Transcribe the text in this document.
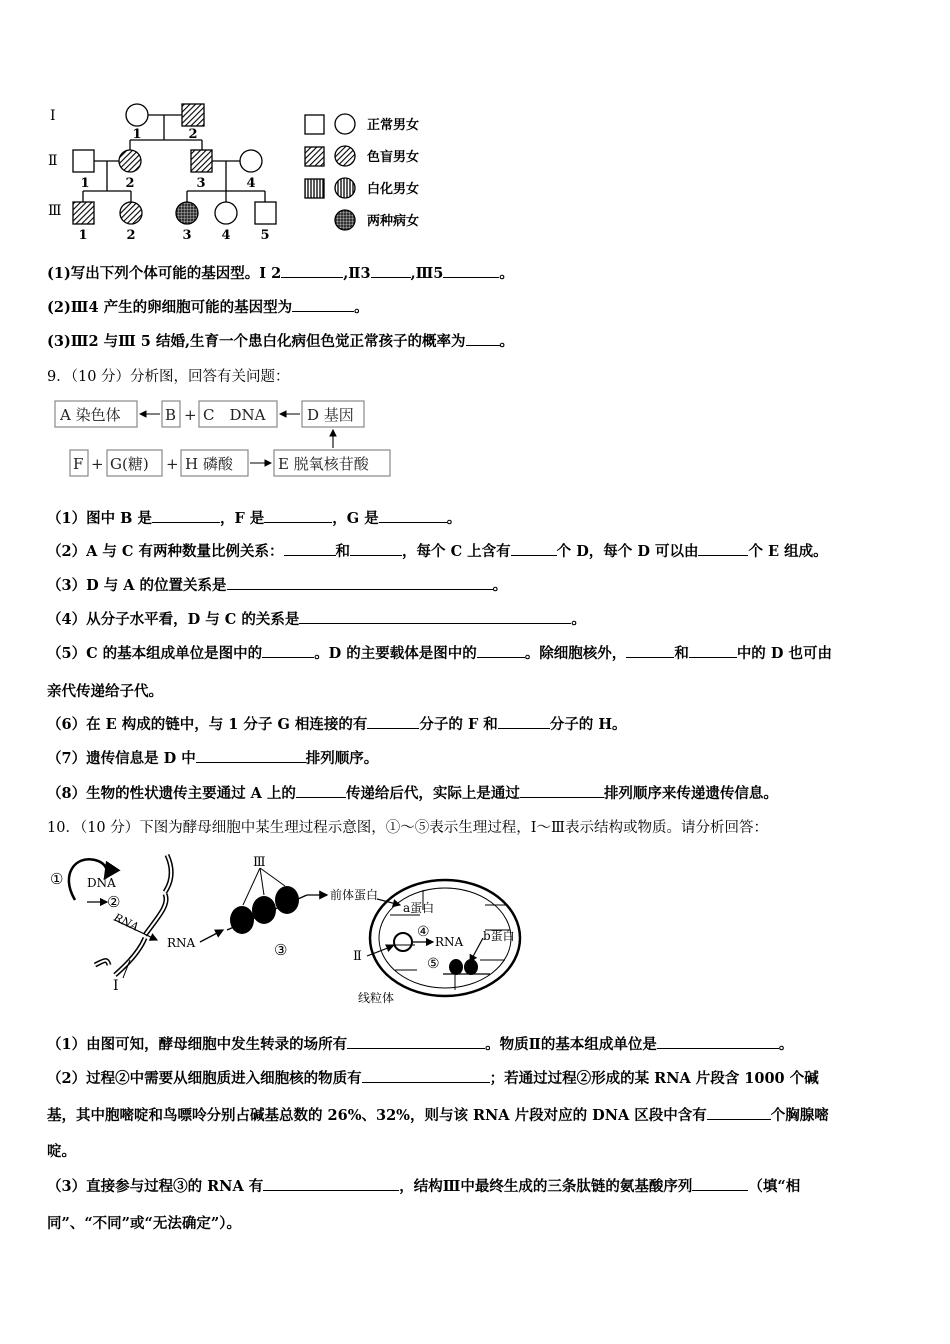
Ⅰ
Ⅱ
Ⅲ
1	2
1	2	3	4
1	2	3 4 5
正常男女
色盲男女
白化男女
两种病女
(1)写出下列个体可能的基因型。Ⅰ 2	,Ⅱ3	,Ⅲ5	。
(2)Ⅲ4 产生的卵细胞可能的基因型为	。
(3)Ⅲ2 与Ⅲ 5 结婚,生育一个患白化病但色觉正常孩子的概率为 。
9．（10 分）分析图，回答有关问题：
A 染色体	B + C　DNA	D 基因
F + G(糖) + H 磷酸	E 脱氧核苷酸
（1）图中 B 是	，F 是	，G 是	。
（2）A 与 C 有两种数量比例关系：	和	，每个 C 上含有	个 D，每个 D 可以由	个 E 组成。
（3）D 与 A 的位置关系是	。
（4）从分子水平看，D 与 C 的关系是	。
（5）C 的基本组成单位是图中的	。D 的主要载体是图中的	。除细胞核外，	和	中的 D 也可由
亲代传递给子代。
（6）在 E 构成的链中，与 1 分子 G 相连接的有	分子的 F 和	分子的 H。
（7）遗传信息是 D 中	排列顺序。
（8）生物的性状遗传主要通过 A 上的	传递给后代，实际上是通过	排列顺序来传递遗传信息。
10．（10 分）下图为酵母细胞中某生理过程示意图，①～⑤表示生理过程，Ⅰ～Ⅲ表示结构或物质。请分析回答：
① DNA
②
RNA
Ⅰ
RNA
Ⅲ
③
前体蛋白
a蛋白
④
RNA b蛋白
⑤
Ⅱ
线粒体
（1）由图可知，酵母细胞中发生转录的场所有	。物质Ⅱ的基本组成单位是	。
（2）过程②中需要从细胞质进入细胞核的物质有	；若通过过程②形成的某 RNA 片段含 1000 个碱
基，其中胞嘧啶和鸟嘌呤分别占碱基总数的 26%、32%，则与该 RNA 片段对应的 DNA 区段中含有	个胸腺嘧
啶。
（3）直接参与过程③的 RNA 有	，结构Ⅲ中最终生成的三条肽链的氨基酸序列	（填“相
同”、“不同”或“无法确定”）。
